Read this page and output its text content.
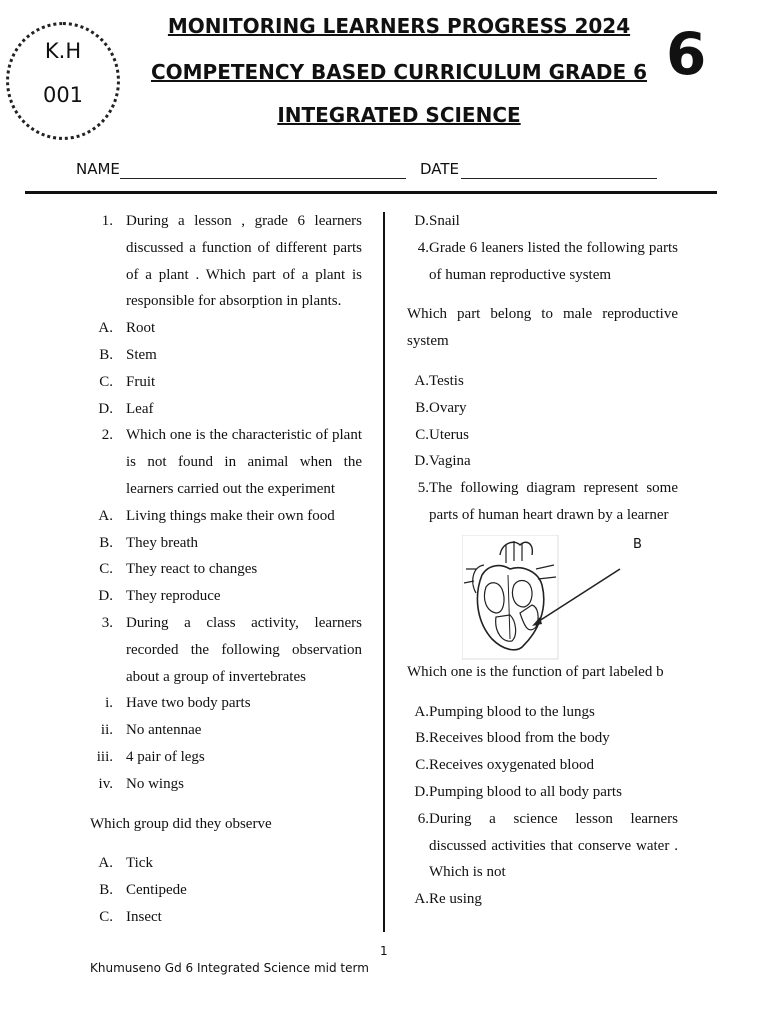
K.H
001
MONITORING LEARNERS PROGRESS 2024
COMPETENCY BASED CURRICULUM GRADE 6
INTEGRATED SCIENCE
6
NAME	DATE
1. During a lesson , grade 6 learners discussed a function of different parts of a plant . Which part of a plant is responsible for absorption in plants.
A. Root
B. Stem
C. Fruit
D. Leaf
2. Which one is the characteristic of plant is not found in animal when the learners carried out the experiment
A. Living things make their own food
B. They breath
C. They react to changes
D. They reproduce
3. During a class activity, learners recorded the following observation about a group of invertebrates
i. Have two body parts
ii. No antennae
iii. 4 pair of legs
iv. No wings
Which group did they observe
A. Tick
B. Centipede
C. Insect
D. Snail
4. Grade 6 leaners listed the following parts of human reproductive system
Which part belong to male reproductive system
A. Testis
B. Ovary
C. Uterus
D. Vagina
5. The following diagram represent some parts of human heart drawn by a learner
B
Which one is the function of part labeled b
A. Pumping blood to the lungs
B. Receives blood from the body
C. Receives oxygenated blood
D. Pumping blood to all body parts
6. During a science lesson learners discussed activities that conserve water . Which is not
A. Re using
1
Khumuseno Gd 6 Integrated Science mid term
